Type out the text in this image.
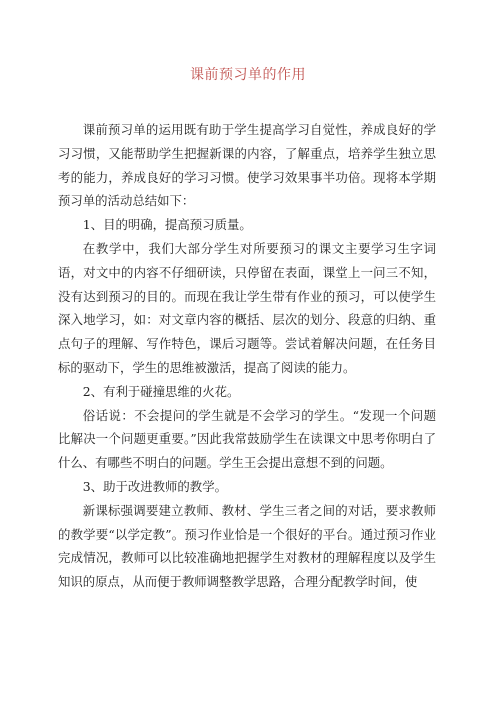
课前预习单的作用

课前预习单的运用既有助于学生提高学习自觉性，养成良好的学习习惯，又能帮助学生把握新课的内容，了解重点，培养学生独立思考的能力，养成良好的学习习惯。使学习效果事半功倍。现将本学期预习单的活动总结如下：

1、目的明确，提高预习质量。

在教学中，我们大部分学生对所要预习的课文主要学习生字词语，对文中的内容不仔细研读，只停留在表面，课堂上一问三不知，没有达到预习的目的。而现在我让学生带有作业的预习，可以使学生深入地学习，如：对文章内容的概括、层次的划分、段意的归纳、重点句子的理解、写作特色，课后习题等。尝试着解决问题，在任务目标的驱动下，学生的思维被激活，提高了阅读的能力。

2、有利于碰撞思维的火花。

俗话说：不会提问的学生就是不会学习的学生。“发现一个问题比解决一个问题更重要。”因此我常鼓励学生在读课文中思考你明白了什么、有哪些不明白的问题。学生王会提出意想不到的问题。

3、助于改进教师的教学。

新课标强调要建立教师、教材、学生三者之间的对话，要求教师的教学要“以学定教”。预习作业恰是一个很好的平台。通过预习作业完成情况，教师可以比较准确地把握学生对教材的理解程度以及学生知识的原点，从而便于教师调整教学思路，合理分配教学时间，使
